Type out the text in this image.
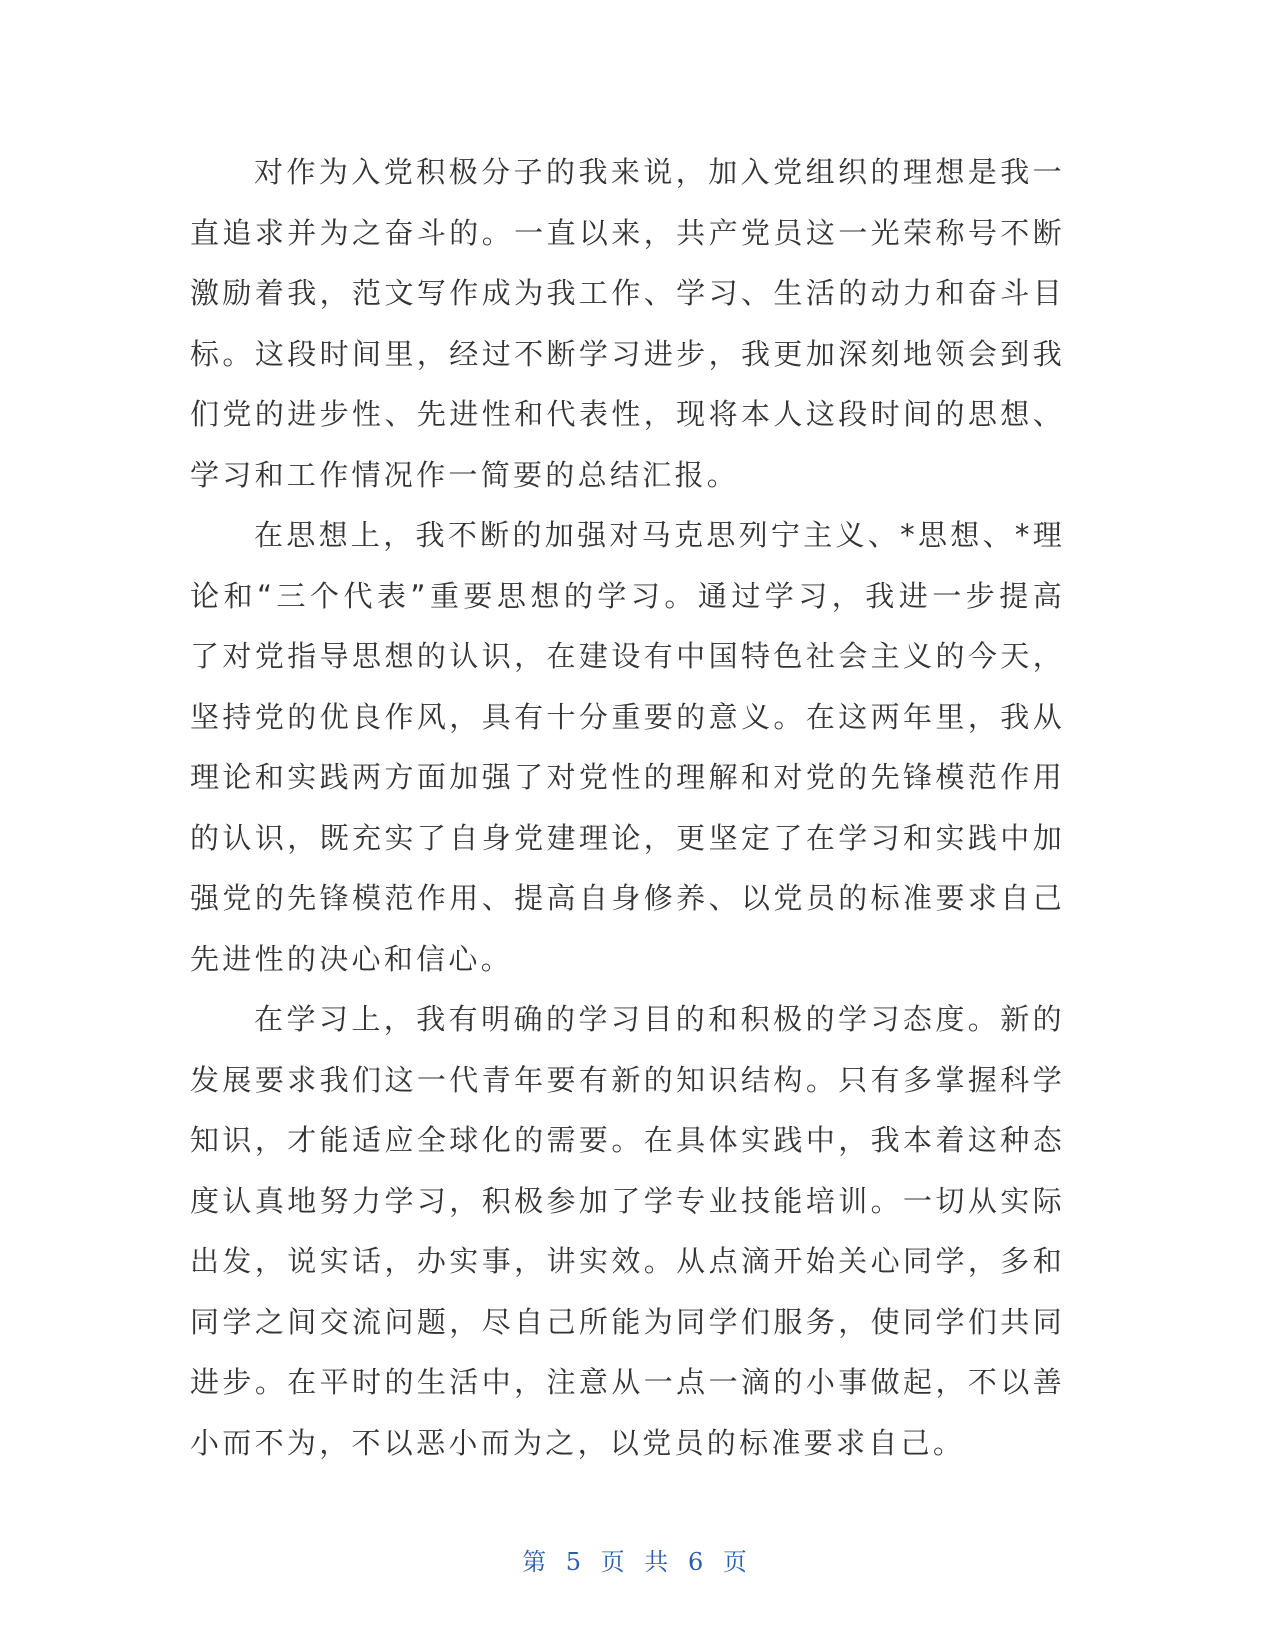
对作为入党积极分子的我来说，加入党组织的理想是我一直追求并为之奋斗的。一直以来，共产党员这一光荣称号不断激励着我，范文写作成为我工作、学习、生活的动力和奋斗目标。这段时间里，经过不断学习进步，我更加深刻地领会到我们党的进步性、先进性和代表性，现将本人这段时间的思想、学习和工作情况作一简要的总结汇报。

在思想上，我不断的加强对马克思列宁主义、*思想、*理论和“三个代表”重要思想的学习。通过学习，我进一步提高了对党指导思想的认识，在建设有中国特色社会主义的今天，坚持党的优良作风，具有十分重要的意义。在这两年里，我从理论和实践两方面加强了对党性的理解和对党的先锋模范作用的认识，既充实了自身党建理论，更坚定了在学习和实践中加强党的先锋模范作用、提高自身修养、以党员的标准要求自己先进性的决心和信心。

在学习上，我有明确的学习目的和积极的学习态度。新的发展要求我们这一代青年要有新的知识结构。只有多掌握科学知识，才能适应全球化的需要。在具体实践中，我本着这种态度认真地努力学习，积极参加了学专业技能培训。一切从实际出发，说实话，办实事，讲实效。从点滴开始关心同学，多和同学之间交流问题，尽自己所能为同学们服务，使同学们共同进步。在平时的生活中，注意从一点一滴的小事做起，不以善小而不为，不以恶小而为之，以党员的标准要求自己。

第 5 页 共 6 页
